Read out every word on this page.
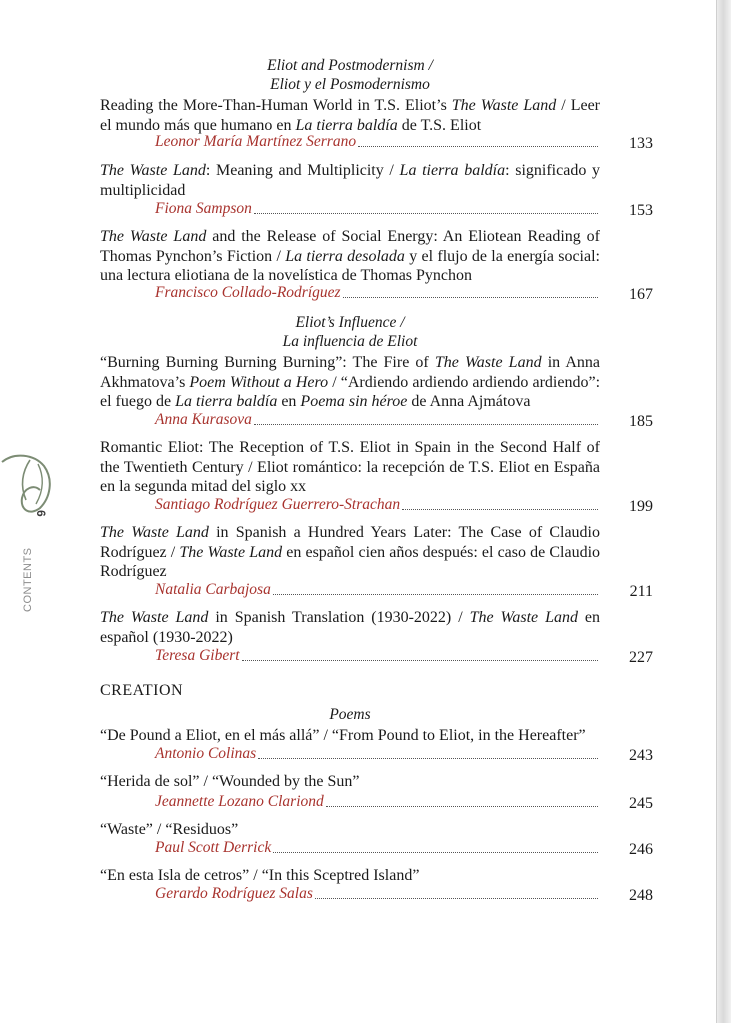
6
CONTENTS
Eliot and Postmodernism /
Eliot y el Posmodernismo
Reading the More-Than-Human World in T.S. Eliot’s The Waste Land / Leer el mundo más que humano en La tierra baldía de T.S. Eliot
Leonor María Martínez Serrano	133
The Waste Land: Meaning and Multiplicity / La tierra baldía: significado y multiplicidad
Fiona Sampson	153
The Waste Land and the Release of Social Energy: An Eliotean Reading of Thomas Pynchon’s Fiction / La tierra desolada y el flujo de la energía social: una lectura eliotiana de la novelística de Thomas Pynchon
Francisco Collado-Rodríguez	167
Eliot’s Influence /
La influencia de Eliot
“Burning Burning Burning Burning”: The Fire of The Waste Land in Anna Akhmatova’s Poem Without a Hero / “Ardiendo ardiendo ardiendo ardiendo”: el fuego de La tierra baldía en Poema sin héroe de Anna Ajmátova
Anna Kurasova	185
Romantic Eliot: The Reception of T.S. Eliot in Spain in the Second Half of the Twentieth Century / Eliot romántico: la recepción de T.S. Eliot en España en la segunda mitad del siglo xx
Santiago Rodríguez Guerrero-Strachan	199
The Waste Land in Spanish a Hundred Years Later: The Case of Claudio Rodríguez / The Waste Land en español cien años después: el caso de Claudio Rodríguez
Natalia Carbajosa	211
The Waste Land in Spanish Translation (1930-2022) / The Waste Land en español (1930-2022)
Teresa Gibert	227
CREATION
Poems
“De Pound a Eliot, en el más allá” / “From Pound to Eliot, in the Hereafter”
Antonio Colinas	243
“Herida de sol” / “Wounded by the Sun”
Jeannette Lozano Clariond	245
“Waste” / “Residuos”
Paul Scott Derrick	246
“En esta Isla de cetros” / “In this Sceptred Island”
Gerardo Rodríguez Salas	248
